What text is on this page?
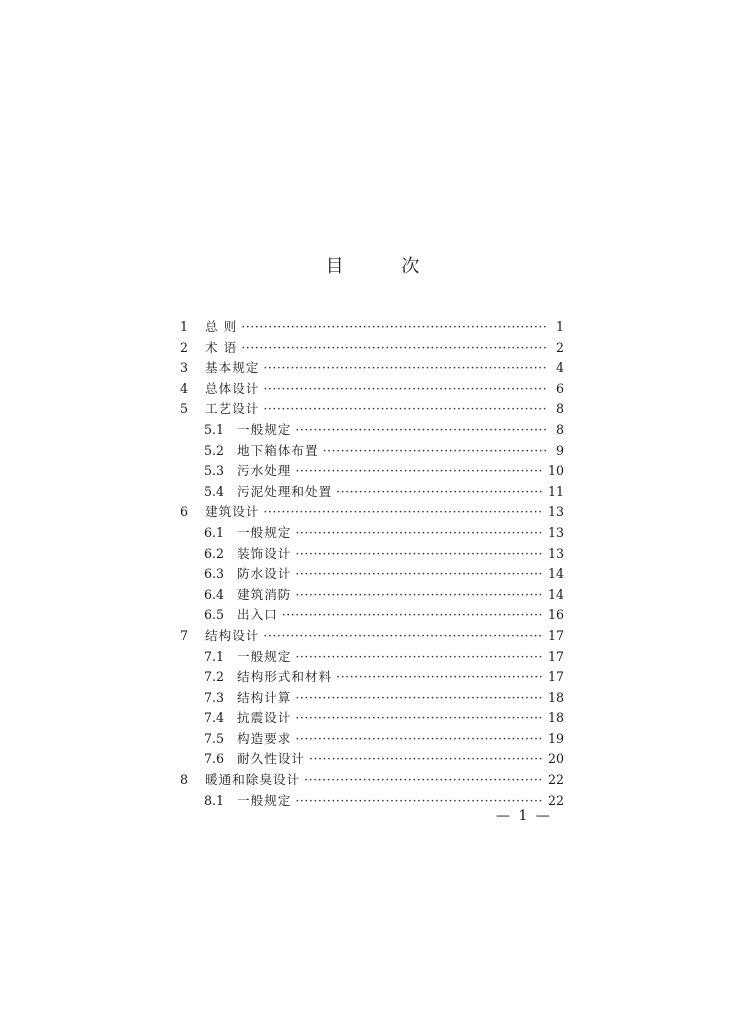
目 次
1	总 则 ·····	1
2	术 语 ·····	2
3	基本规定 ·····	4
4	总体设计 ·····	6
5	工艺设计 ·····	8
5.1	一般规定 ·····	8
5.2	地下箱体布置 ·····	9
5.3	污水处理 ·····	10
5.4	污泥处理和处置 ·····	11
6	建筑设计 ·····	13
6.1	一般规定 ·····	13
6.2	装饰设计 ·····	13
6.3	防水设计 ·····	14
6.4	建筑消防 ·····	14
6.5	出入口 ·····	16
7	结构设计 ·····	17
7.1	一般规定 ·····	17
7.2	结构形式和材料 ·····	17
7.3	结构计算 ·····	18
7.4	抗震设计 ·····	18
7.5	构造要求 ·····	19
7.6	耐久性设计 ·····	20
8	暖通和除臭设计 ·····	22
8.1	一般规定 ·····	22
— 1 —
